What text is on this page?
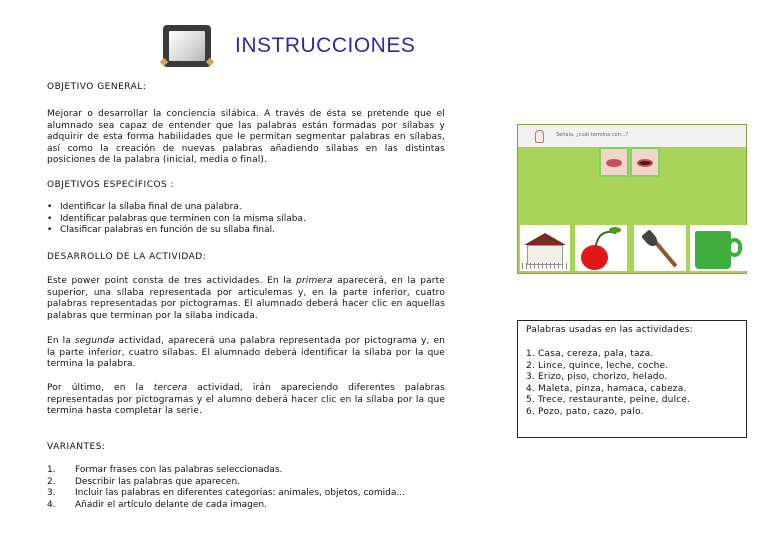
INSTRUCCIONES
OBJETIVO GENERAL:
Mejorar o desarrollar la conciencia silábica. A través de ésta se pretende que el alumnado sea capaz de entender que las palabras están formadas por sílabas y adquirir de esta forma habilidades que le permitan segmentar palabras en sílabas, así como la creación de nuevas palabras añadiendo sílabas en las distintas posiciones de la palabra (inicial, media o final).
OBJETIVOS ESPECÍFICOS :
• Identificar la sílaba final de una palabra.
• Identificar palabras que terminen con la misma sílaba.
• Clasificar palabras en función de su sílaba final.
DESARROLLO DE LA ACTIVIDAD:
Este power point consta de tres actividades. En la primera aparecerá, en la parte superior, una sílaba representada por articulemas y, en la parte inferior, cuatro palabras representadas por pictogramas. El alumnado deberá hacer clic en aquellas palabras que terminan por la sílaba indicada.
En la segunda actividad, aparecerá una palabra representada por pictograma y, en la parte inferior, cuatro sílabas. El alumnado deberá identificar la sílaba por la que termina la palabra.
Por último, en la tercera actividad, irán apareciendo diferentes palabras representadas por pictogramas y el alumno deberá hacer clic en la sílaba por la que termina hasta completar la serie.
VARIANTES:
1.	Formar frases con las palabras seleccionadas.
2.	Describir las palabras que aparecen.
3.	Incluir las palabras en diferentes categorías: animales, objetos, comida...
4.	Añadir el artículo delante de cada imagen.
Señala, ¿cuál termina con...?
Palabras usadas en las actividades:
1. Casa, cereza, pala, taza.
2. Lince, quince, leche, coche.
3. Erizo, piso, chorizo, helado.
4. Maleta, pinza, hamaca, cabeza.
5. Trece, restaurante, peine, dulce.
6. Pozo, pato, cazo, palo.
